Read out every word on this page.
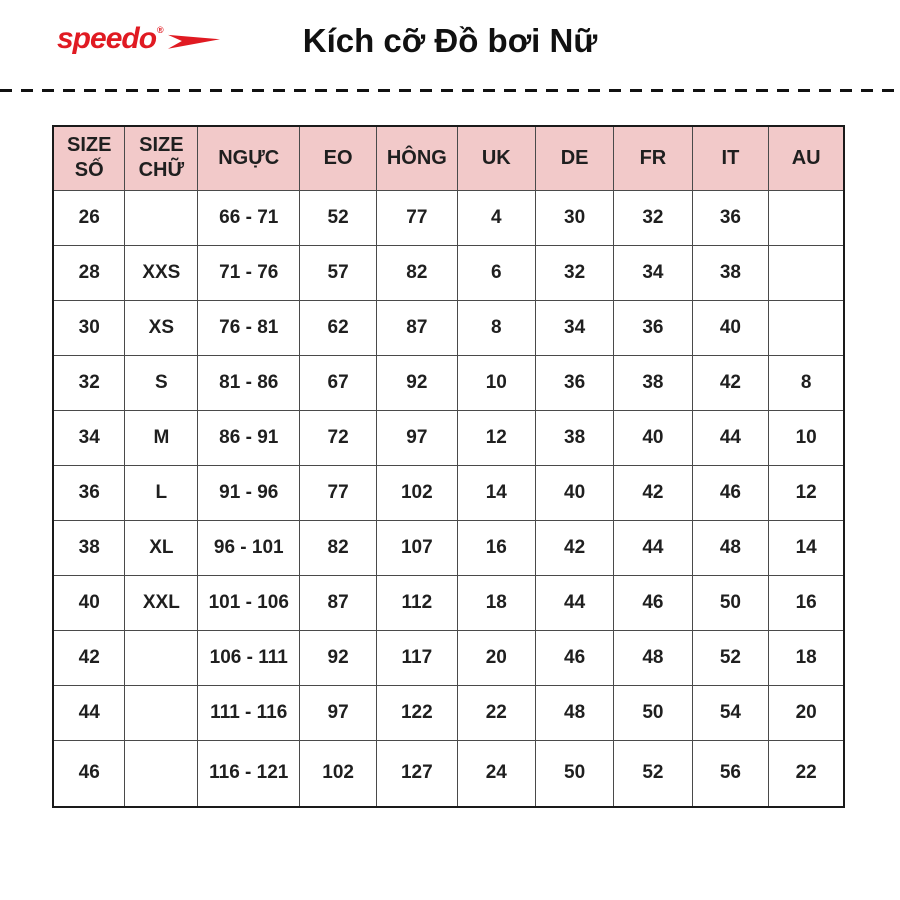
speedo ®	Kích cỡ Đồ bơi Nữ
SIZE SỐ	SIZE CHỮ	NGỰC	EO	HÔNG	UK	DE	FR	IT	AU
26		66 - 71	52	77	4	30	32	36	
28	XXS	71 - 76	57	82	6	32	34	38	
30	XS	76 - 81	62	87	8	34	36	40	
32	S	81 - 86	67	92	10	36	38	42	8
34	M	86 - 91	72	97	12	38	40	44	10
36	L	91 - 96	77	102	14	40	42	46	12
38	XL	96 - 101	82	107	16	42	44	48	14
40	XXL	101 - 106	87	112	18	44	46	50	16
42		106 - 111	92	117	20	46	48	52	18
44		111 - 116	97	122	22	48	50	54	20
46		116 - 121	102	127	24	50	52	56	22
